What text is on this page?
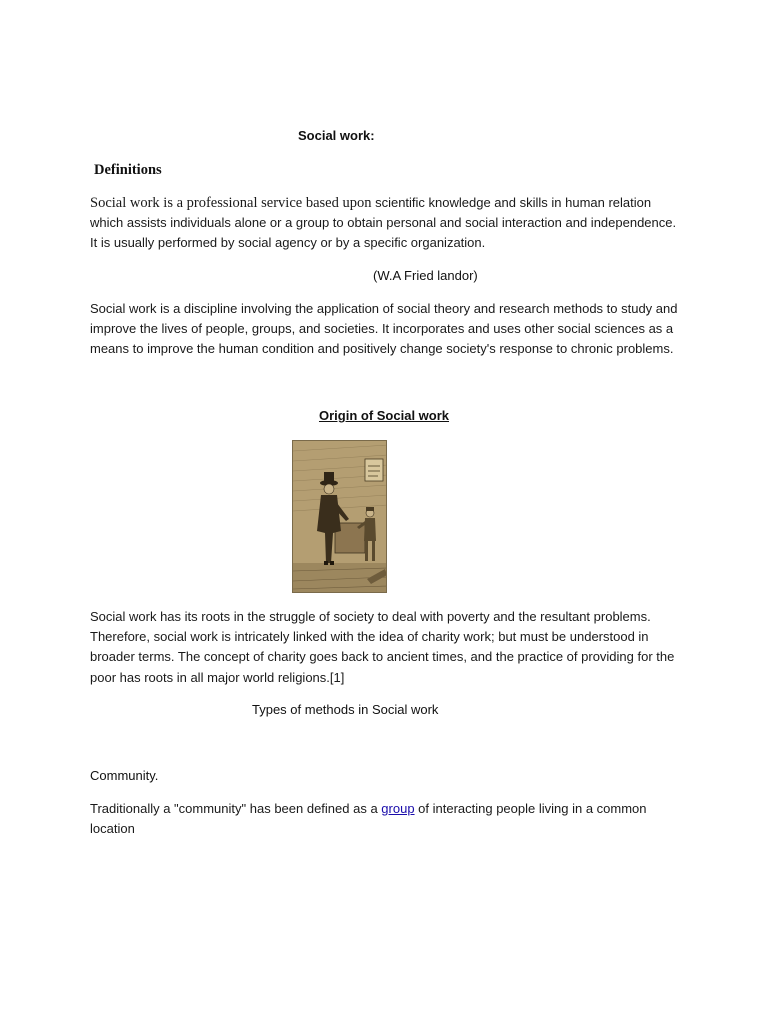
Social work:
Definitions
Social work is a professional service based upon scientific knowledge and skills in human relation which assists individuals alone or a group to obtain personal and social interaction and independence. It is usually performed by social agency or by a specific organization.
(W.A Fried landor)
Social work is a discipline involving the application of social theory and research methods to study and improve the lives of people, groups, and societies. It incorporates and uses other social sciences as a means to improve the human condition and positively change society's response to chronic problems.
Origin of Social work
Social work has its roots in the struggle of society to deal with poverty and the resultant problems. Therefore, social work is intricately linked with the idea of charity work; but must be understood in broader terms. The concept of charity goes back to ancient times, and the practice of providing for the poor has roots in all major world religions.[1]
Types of methods in Social work
Community.
Traditionally a "community" has been defined as a group of interacting people living in a common location
